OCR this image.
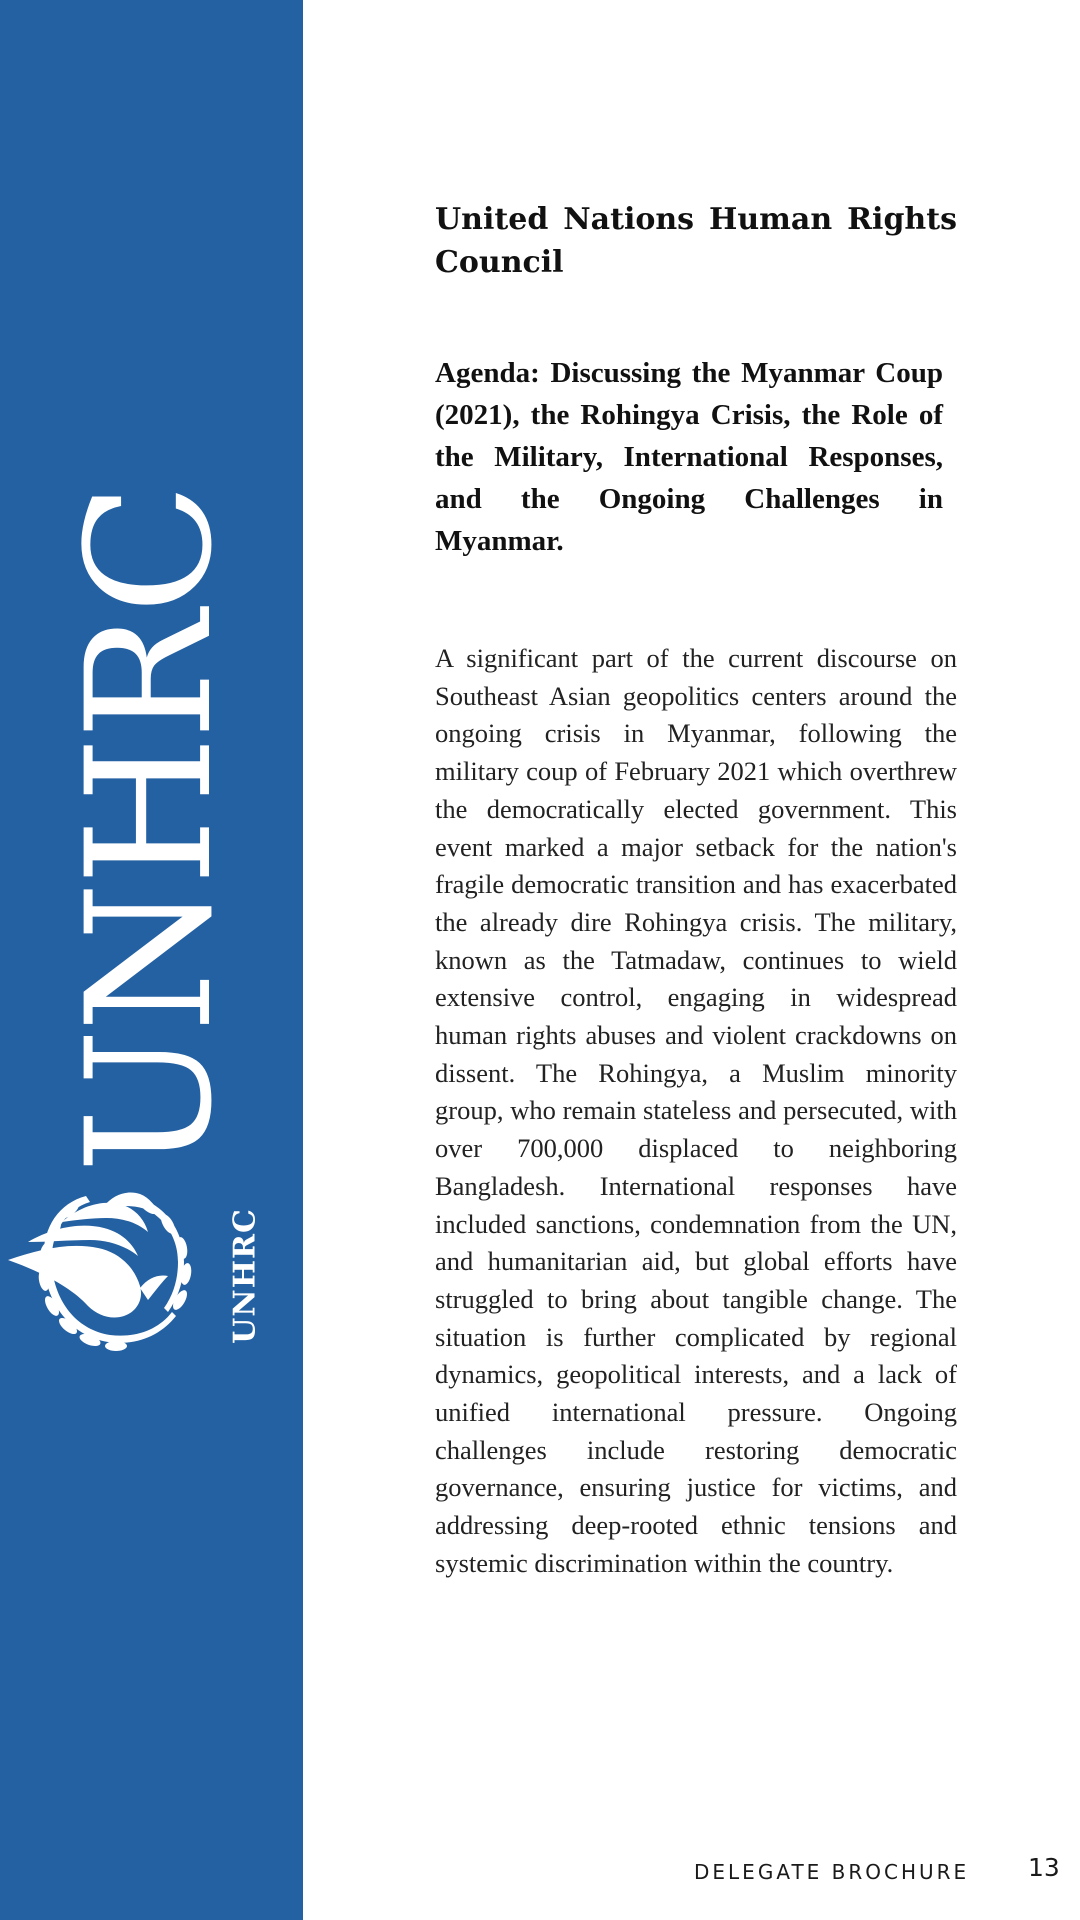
UNHRC
UNHRC
United Nations Human Rights Council
Agenda: Discussing the Myanmar Coup (2021), the Rohingya Crisis, the Role of the Military, International Responses, and the Ongoing Challenges in Myanmar.

A significant part of the current discourse on Southeast Asian geopolitics centers around the ongoing crisis in Myanmar, following the military coup of February 2021 which overthrew the democratically elected government. This event marked a major setback for the nation's fragile democratic transition and has exacerbated the already dire Rohingya crisis. The military, known as the Tatmadaw, continues to wield extensive control, engaging in widespread human rights abuses and violent crackdowns on dissent. The Rohingya, a Muslim minority group, who remain stateless and persecuted, with over 700,000 displaced to neighboring Bangladesh. International responses have included sanctions, condemnation from the UN, and humanitarian aid, but global efforts have struggled to bring about tangible change. The situation is further complicated by regional dynamics, geopolitical interests, and a lack of unified international pressure. Ongoing challenges include restoring democratic governance, ensuring justice for victims, and addressing deep-rooted ethnic tensions and systemic discrimination within the country.

DELEGATE BROCHURE 13
